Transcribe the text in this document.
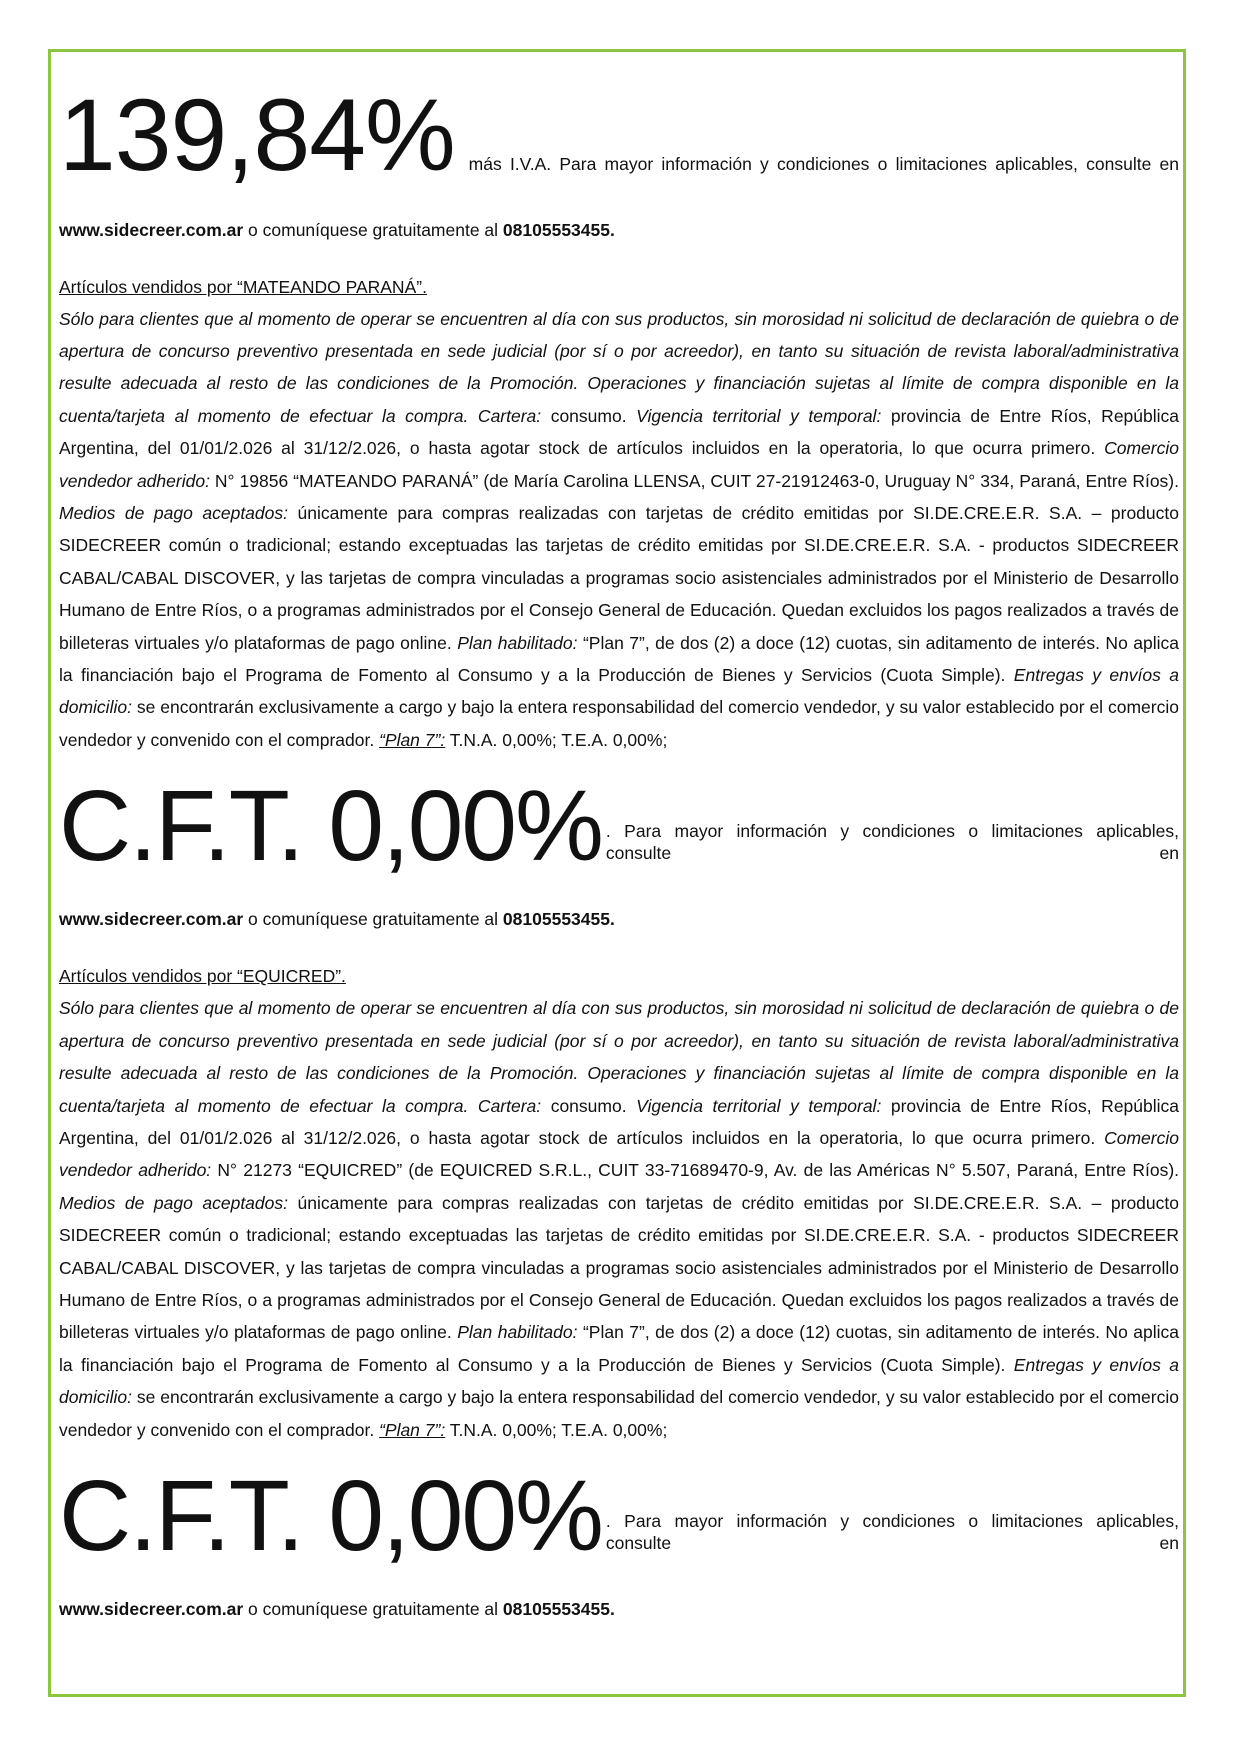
139,84% más I.V.A. Para mayor información y condiciones o limitaciones aplicables, consulte en
www.sidecreer.com.ar o comuníquese gratuitamente al 08105553455.
Artículos vendidos por “MATEANDO PARANÁ”.
Sólo para clientes que al momento de operar se encuentren al día con sus productos, sin morosidad ni solicitud de declaración de quiebra o de apertura de concurso preventivo presentada en sede judicial (por sí o por acreedor), en tanto su situación de revista laboral/administrativa resulte adecuada al resto de las condiciones de la Promoción. Operaciones y financiación sujetas al límite de compra disponible en la cuenta/tarjeta al momento de efectuar la compra. Cartera: consumo. Vigencia territorial y temporal: provincia de Entre Ríos, República Argentina, del 01/01/2.026 al 31/12/2.026, o hasta agotar stock de artículos incluidos en la operatoria, lo que ocurra primero. Comercio vendedor adherido: N° 19856 “MATEANDO PARANÁ” (de María Carolina LLENSA, CUIT 27-21912463-0, Uruguay N° 334, Paraná, Entre Ríos). Medios de pago aceptados: únicamente para compras realizadas con tarjetas de crédito emitidas por SI.DE.CRE.E.R. S.A. – producto SIDECREER común o tradicional; estando exceptuadas las tarjetas de crédito emitidas por SI.DE.CRE.E.R. S.A. - productos SIDECREER CABAL/CABAL DISCOVER, y las tarjetas de compra vinculadas a programas socio asistenciales administrados por el Ministerio de Desarrollo Humano de Entre Ríos, o a programas administrados por el Consejo General de Educación. Quedan excluidos los pagos realizados a través de billeteras virtuales y/o plataformas de pago online. Plan habilitado: “Plan 7”, de dos (2) a doce (12) cuotas, sin aditamento de interés. No aplica la financiación bajo el Programa de Fomento al Consumo y a la Producción de Bienes y Servicios (Cuota Simple). Entregas y envíos a domicilio: se encontrarán exclusivamente a cargo y bajo la entera responsabilidad del comercio vendedor, y su valor establecido por el comercio vendedor y convenido con el comprador. “Plan 7”: T.N.A. 0,00%; T.E.A. 0,00%;
C.F.T. 0,00% . Para mayor información y condiciones o limitaciones aplicables, consulte en
www.sidecreer.com.ar o comuníquese gratuitamente al 08105553455.
Artículos vendidos por “EQUICRED”.
Sólo para clientes que al momento de operar se encuentren al día con sus productos, sin morosidad ni solicitud de declaración de quiebra o de apertura de concurso preventivo presentada en sede judicial (por sí o por acreedor), en tanto su situación de revista laboral/administrativa resulte adecuada al resto de las condiciones de la Promoción. Operaciones y financiación sujetas al límite de compra disponible en la cuenta/tarjeta al momento de efectuar la compra. Cartera: consumo. Vigencia territorial y temporal: provincia de Entre Ríos, República Argentina, del 01/01/2.026 al 31/12/2.026, o hasta agotar stock de artículos incluidos en la operatoria, lo que ocurra primero. Comercio vendedor adherido: N° 21273 “EQUICRED” (de EQUICRED S.R.L., CUIT 33-71689470-9, Av. de las Américas N° 5.507, Paraná, Entre Ríos). Medios de pago aceptados: únicamente para compras realizadas con tarjetas de crédito emitidas por SI.DE.CRE.E.R. S.A. – producto SIDECREER común o tradicional; estando exceptuadas las tarjetas de crédito emitidas por SI.DE.CRE.E.R. S.A. - productos SIDECREER CABAL/CABAL DISCOVER, y las tarjetas de compra vinculadas a programas socio asistenciales administrados por el Ministerio de Desarrollo Humano de Entre Ríos, o a programas administrados por el Consejo General de Educación. Quedan excluidos los pagos realizados a través de billeteras virtuales y/o plataformas de pago online. Plan habilitado: “Plan 7”, de dos (2) a doce (12) cuotas, sin aditamento de interés. No aplica la financiación bajo el Programa de Fomento al Consumo y a la Producción de Bienes y Servicios (Cuota Simple). Entregas y envíos a domicilio: se encontrarán exclusivamente a cargo y bajo la entera responsabilidad del comercio vendedor, y su valor establecido por el comercio vendedor y convenido con el comprador. “Plan 7”: T.N.A. 0,00%; T.E.A. 0,00%;
C.F.T. 0,00% . Para mayor información y condiciones o limitaciones aplicables, consulte en
www.sidecreer.com.ar o comuníquese gratuitamente al 08105553455.
